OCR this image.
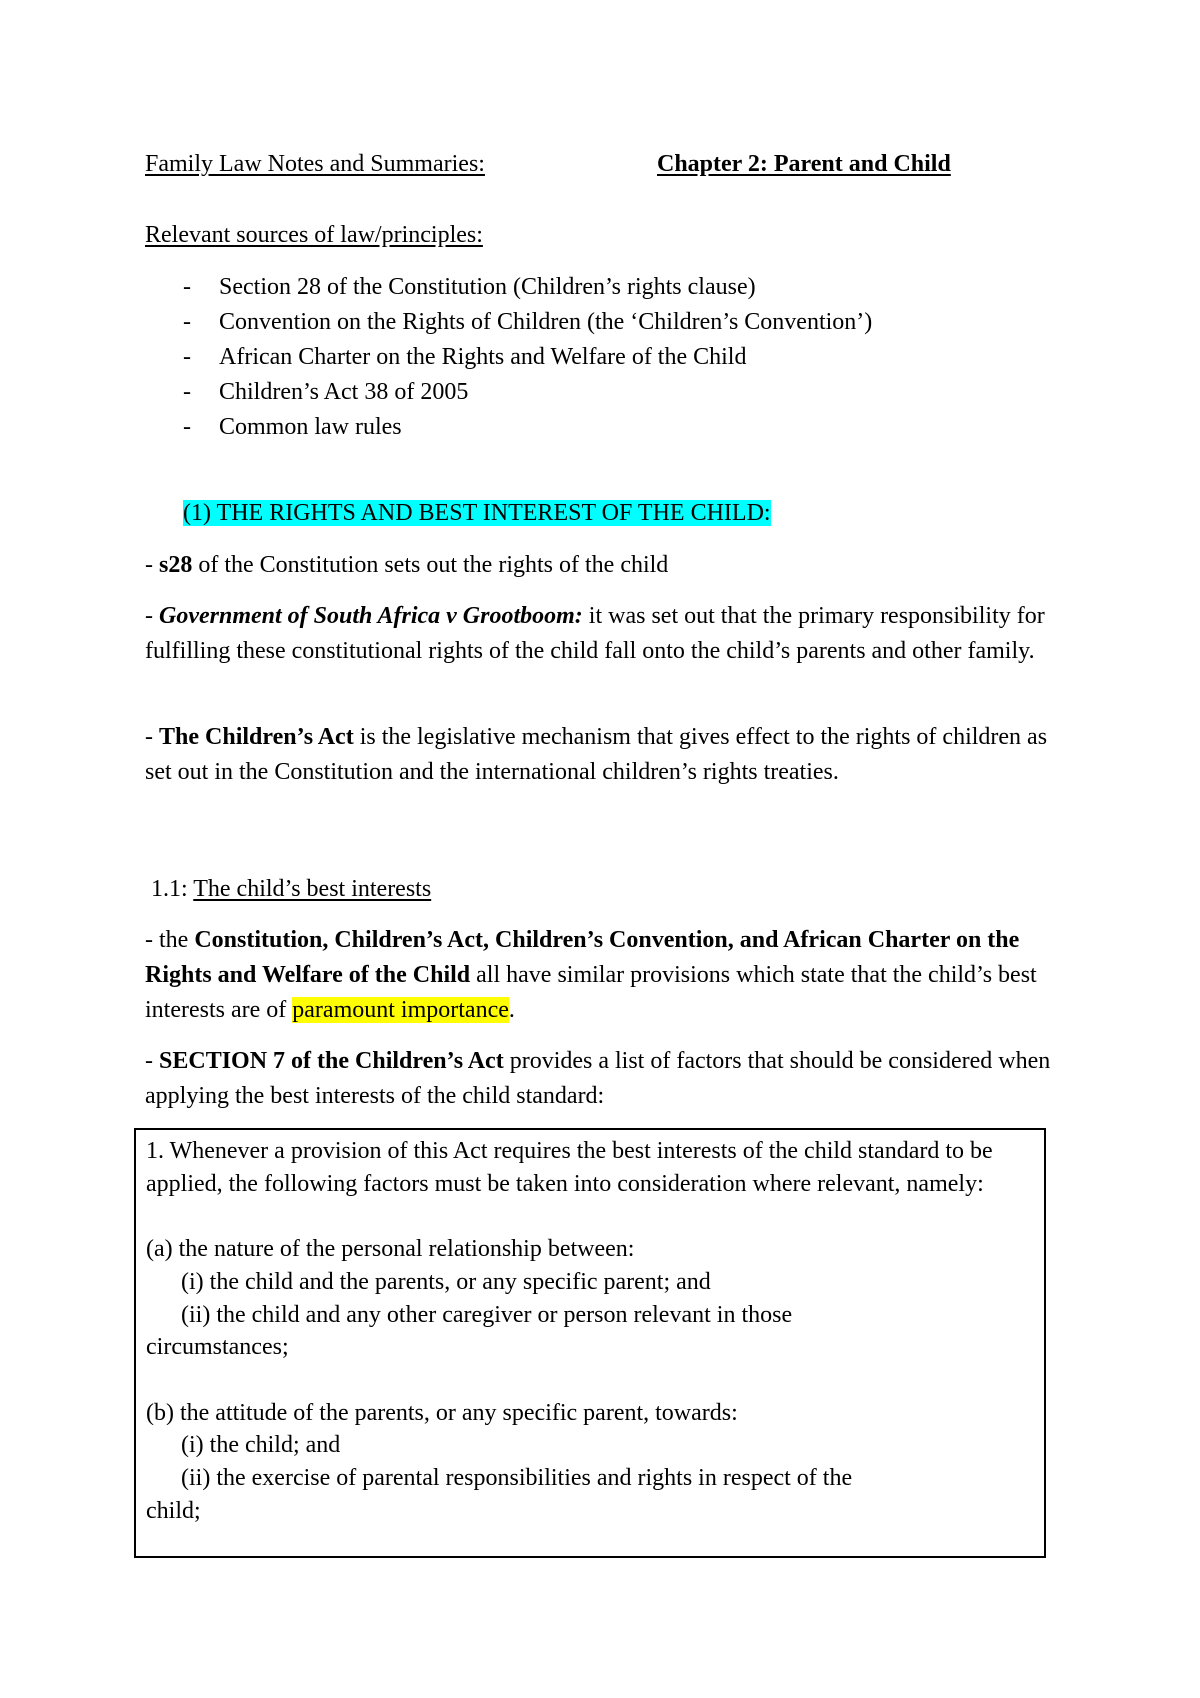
Family Law Notes and Summaries:	Chapter 2: Parent and Child
Relevant sources of law/principles:
- Section 28 of the Constitution (Children’s rights clause)
- Convention on the Rights of Children (the ‘Children’s Convention’)
- African Charter on the Rights and Welfare of the Child
- Children’s Act 38 of 2005
- Common law rules
(1) THE RIGHTS AND BEST INTEREST OF THE CHILD:
- s28 of the Constitution sets out the rights of the child
- Government of South Africa v Grootboom: it was set out that the primary responsibility for fulfilling these constitutional rights of the child fall onto the child’s parents and other family.
- The Children’s Act is the legislative mechanism that gives effect to the rights of children as set out in the Constitution and the international children’s rights treaties.
1.1: The child’s best interests
- the Constitution, Children’s Act, Children’s Convention, and African Charter on the Rights and Welfare of the Child all have similar provisions which state that the child’s best interests are of paramount importance.
- SECTION 7 of the Children’s Act provides a list of factors that should be considered when applying the best interests of the child standard:

1. Whenever a provision of this Act requires the best interests of the child standard to be applied, the following factors must be taken into consideration where relevant, namely:

(a) the nature of the personal relationship between:

(i) the child and the parents, or any specific parent; and

(ii) the child and any other caregiver or person relevant in those

circumstances;

(b) the attitude of the parents, or any specific parent, towards:

(i) the child; and

(ii) the exercise of parental responsibilities and rights in respect of the

child;
